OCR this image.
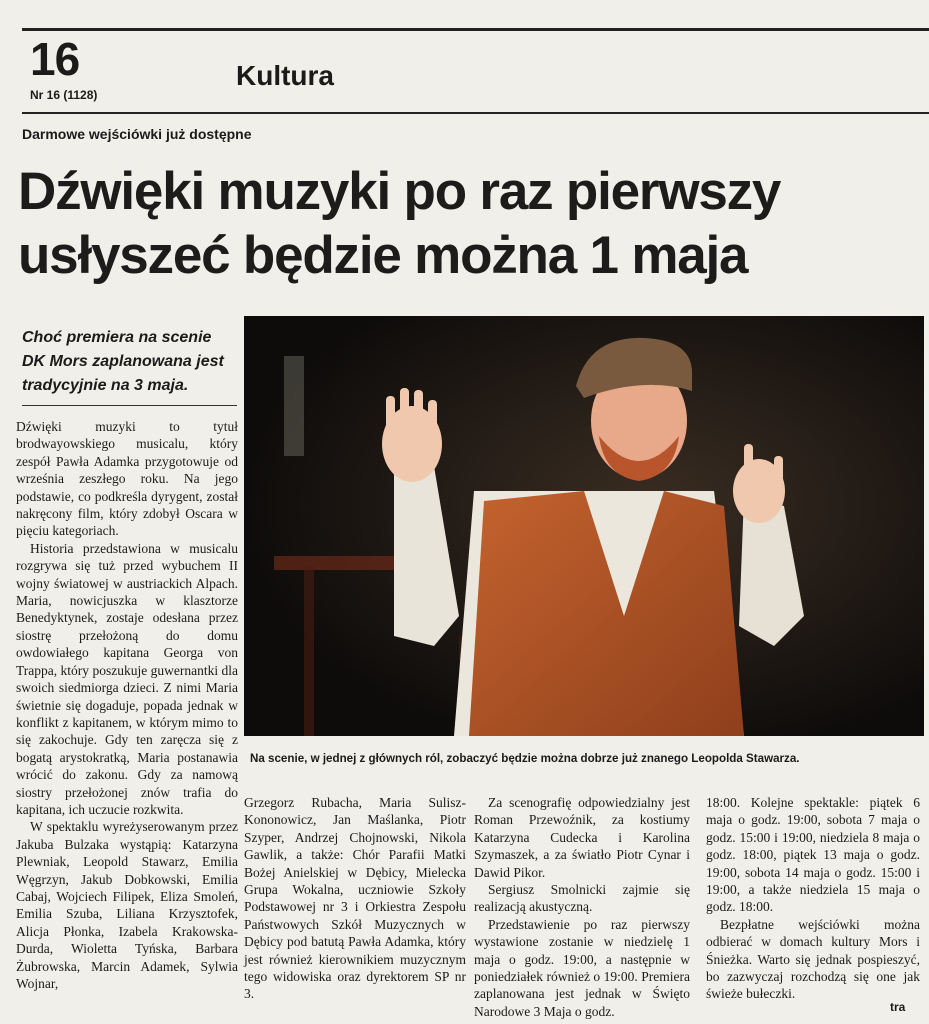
16
Nr 16 (1128)
Kultura
Darmowe wejściówki już dostępne
Dźwięki muzyki po raz pierwszy
usłyszeć będzie można 1 maja
Choć premiera na scenie DK Mors zaplanowana jest tradycyjnie na 3 maja.
Na scenie, w jednej z głównych ról, zobaczyć będzie można dobrze już znanego Leopolda Stawarza.

Dźwięki muzyki to tytuł brodwayowskiego musicalu, który zespół Pawła Adamka przygotowuje od września zeszłego roku. Na jego podstawie, co podkreśla dyrygent, został nakręcony film, który zdobył Oscara w pięciu kategoriach.

Historia przedstawiona w musicalu rozgrywa się tuż przed wybuchem II wojny światowej w austriackich Alpach. Maria, nowicjuszka w klasztorze Benedyktynek, zostaje odesłana przez siostrę przełożoną do domu owdowiałego kapitana Georga von Trappa, który poszukuje guwernantki dla swoich siedmiorga dzieci. Z nimi Maria świetnie się dogaduje, popada jednak w konflikt z kapitanem, w którym mimo to się zakochuje. Gdy ten zaręcza się z bogatą arystokratką, Maria postanawia wrócić do zakonu. Gdy za namową siostry przełożonej znów trafia do kapitana, ich uczucie rozkwita.

W spektaklu wyreżyserowanym przez Jakuba Bulzaka wystąpią: Katarzyna Plewniak, Leopold Stawarz, Emilia Węgrzyn, Jakub Dobkowski, Emilia Cabaj, Wojciech Filipek, Eliza Smoleń, Emilia Szuba, Liliana Krzysztofek, Alicja Płonka, Izabela Krakowska-Durda, Wioletta Tyńska, Barbara Żubrowska, Marcin Adamek, Sylwia Wojnar,

Grzegorz Rubacha, Maria Sulisz-Kononowicz, Jan Maślanka, Piotr Szyper, Andrzej Chojnowski, Nikola Gawlik, a także: Chór Parafii Matki Bożej Anielskiej w Dębicy, Mielecka Grupa Wokalna, uczniowie Szkoły Podstawowej nr 3 i Orkiestra Zespołu Państwowych Szkół Muzycznych w Dębicy pod batutą Pawła Adamka, który jest również kierownikiem muzycznym tego widowiska oraz dyrektorem SP nr 3.

Za scenografię odpowiedzialny jest Roman Przewoźnik, za kostiumy Katarzyna Cudecka i Karolina Szymaszek, a za światło Piotr Cynar i Dawid Pikor.

Sergiusz Smolnicki zajmie się realizacją akustyczną.

Przedstawienie po raz pierwszy wystawione zostanie w niedzielę 1 maja o godz. 19:00, a następnie w poniedziałek również o 19:00. Premiera zaplanowana jest jednak w Święto Narodowe 3 Maja o godz.

18:00. Kolejne spektakle: piątek 6 maja o godz. 19:00, sobota 7 maja o godz. 15:00 i 19:00, niedziela 8 maja o godz. 18:00, piątek 13 maja o godz. 19:00, sobota 14 maja o godz. 15:00 i 19:00, a także niedziela 15 maja o godz. 18:00.

Bezpłatne wejściówki można odbierać w domach kultury Mors i Śnieżka. Warto się jednak pospieszyć, bo zazwyczaj rozchodzą się one jak świeże bułeczki.

tra
